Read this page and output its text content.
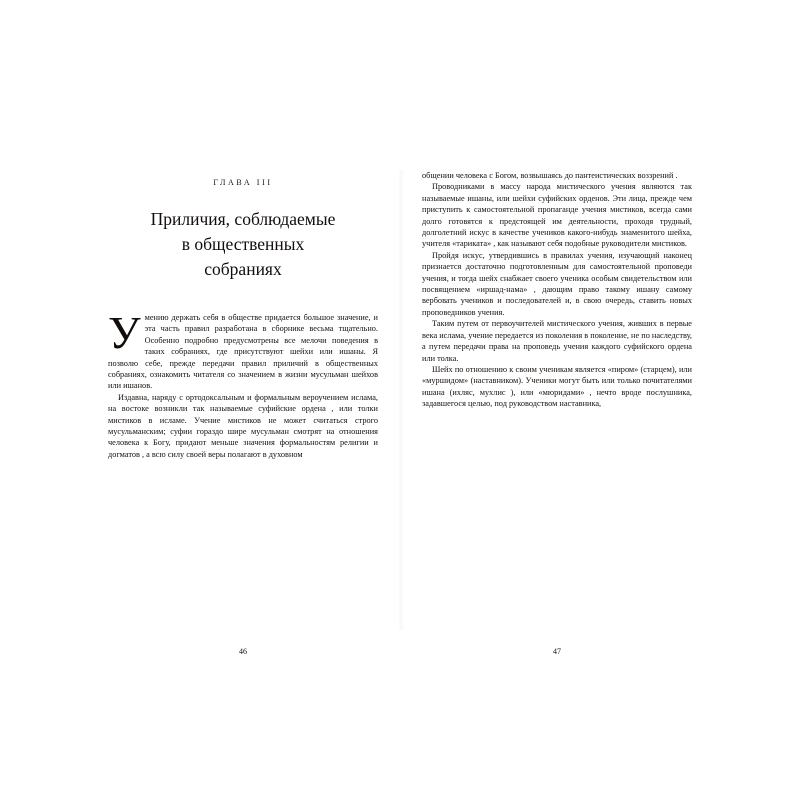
ГЛАВА III
Приличия, соблюдаемые
в общественных
собраниях
У мению держать себя в обществе придается большое значение, и эта часть правил разработана в сборнике весьма тщательно. Особенно подробно предусмотрены все мелочи поведения в таких собраниях, где присутствуют шейхи или ишаны. Я позволю себе, прежде передачи правил приличий в общественных собраниях, ознакомить читателя со значением в жизни мусульман шейхов или ишанов.

Издавна, наряду с ортодоксальным и формальным вероучением ислама, на востоке возникли так называемые суфийские ордена , или толки мистиков в исламе. Учение мистиков не может считаться строго мусульманским; суфии гораздо шире мусульман смотрят на отношения человека к Богу, придают меньше значения формальностям религии и догматов , а всю силу своей веры полагают в духовном

46

общении человека с Богом, возвышаясь до пантеистических воззрений .

Проводниками в массу народа мистического учения являются так называемые ишаны, или шейхи суфийских орденов. Эти лица, прежде чем приступить к самостоятельной пропаганде учения мистиков, всегда сами долго готовятся к предстоящей им деятельности, проходя трудный, долголетний искус в качестве учеников какого-нибудь знаменитого шейха, учителя «тариката» , как называют себя подобные руководители мистиков.

Пройдя искус, утвердившись в правилах учения, изучающий наконец признается достаточно подготовленным для самостоятельной проповеди учения, и тогда шейх снабжает своего ученика особым свидетельством или посвящением «иршад-нама» , дающим право такому ишану самому вербовать учеников и последователей и, в свою очередь, ставить новых проповедников учения.

Таким путем от первоучителей мистического учения, живших в первые века ислама, учение передается из поколения в поколение, не по наследству, а путем передачи права на проповедь учения каждого суфийского ордена или толка.

Шейх по отношению к своим ученикам является «пиром» (старцем), или «муршидом» (наставником). Ученики могут быть или только почитателями ишана (ихляс, мухлис ), или «мюридами» , нечто вроде послушника, задавшегося целью, под руководством наставника,

47
